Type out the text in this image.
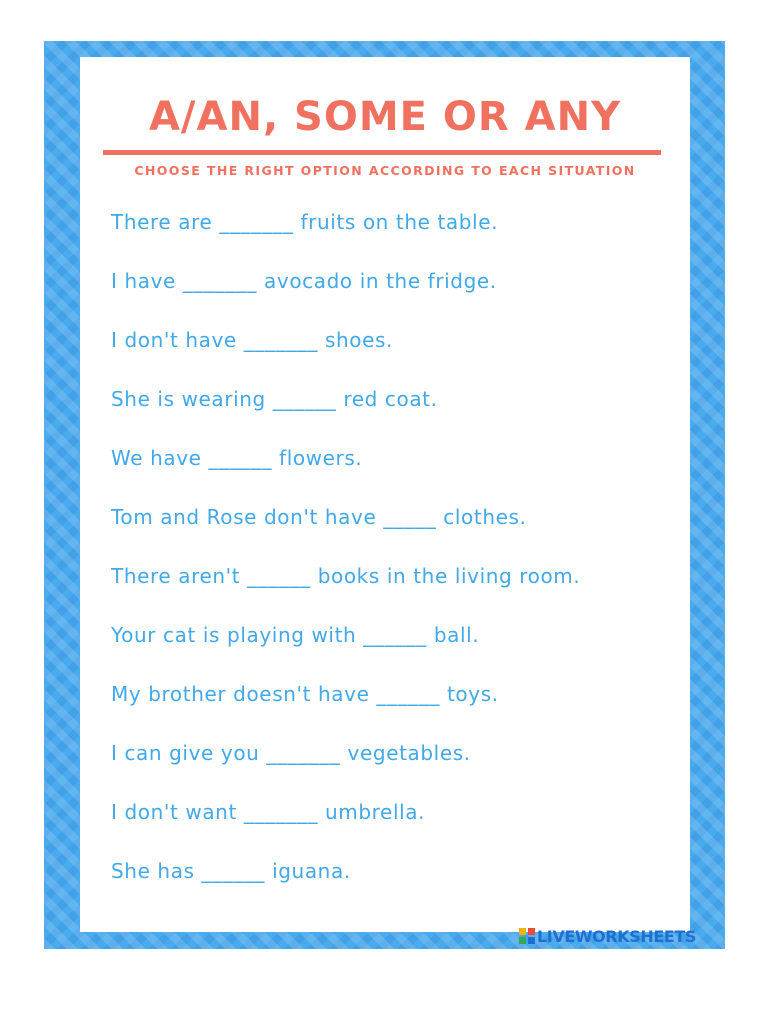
A/AN, SOME OR ANY

CHOOSE THE RIGHT OPTION ACCORDING TO EACH SITUATION

There are _______ fruits on the table.
I have _______ avocado in the fridge.
I don't have _______ shoes.
She is wearing ______ red coat.
We have ______ flowers.
Tom and Rose don't have _____ clothes.
There aren't ______ books in the living room.
Your cat is playing with ______ ball.
My brother doesn't have ______ toys.
I can give you _______ vegetables.
I don't want _______ umbrella.
She has ______ iguana.
LIVEWORKSHEETS
